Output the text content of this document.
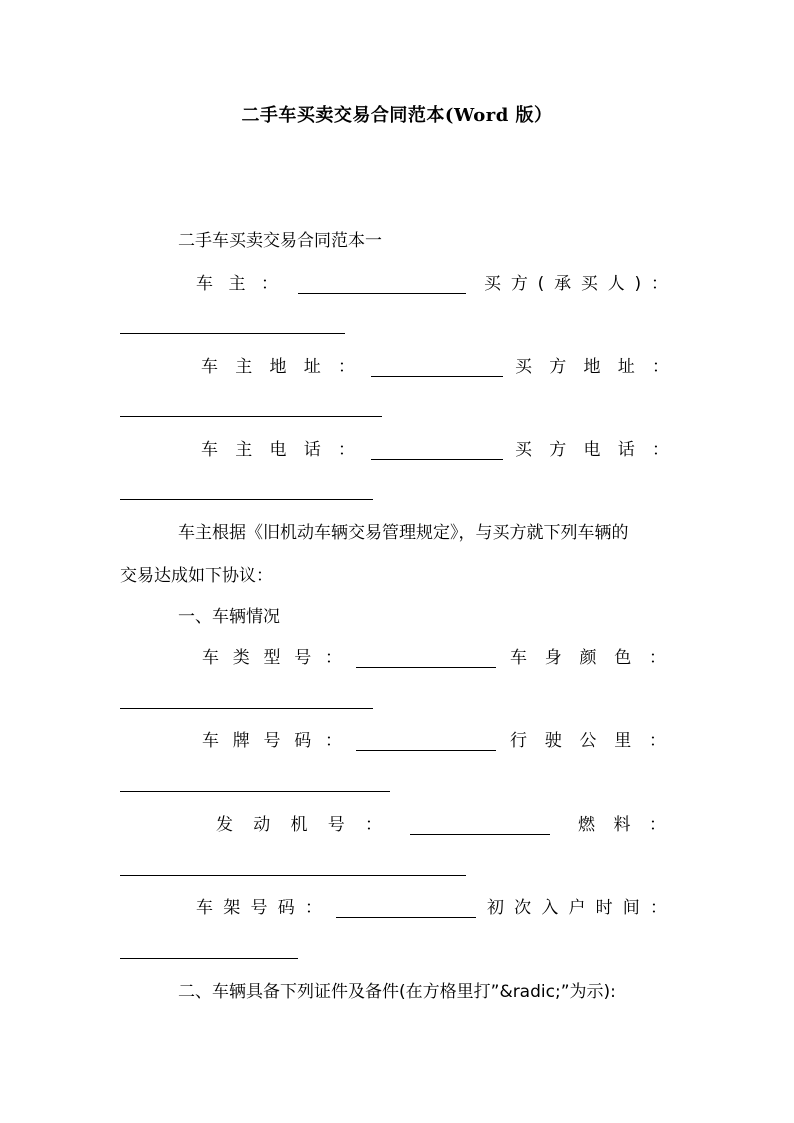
二手车买卖交易合同范本(Word 版）
二手车买卖交易合同范本一
车 主 ：	买 方 ( 承 买 人 ) ：
车 主 地 址 ：	买 方 地 址 ：
车 主 电 话 ：	买 方 电 话 ：
车主根据《旧机动车辆交易管理规定》，与买方就下列车辆的
交易达成如下协议：
一、车辆情况
车 类 型 号 ：	车 身 颜 色 ：
车 牌 号 码 ：	行 驶 公 里 ：
发 动 机 号 ：	燃 料 ：
车 架 号 码 ：	初 次 入 户 时 间 ：
二、车辆具备下列证件及备件(在方格里打”&radic;”为示):
